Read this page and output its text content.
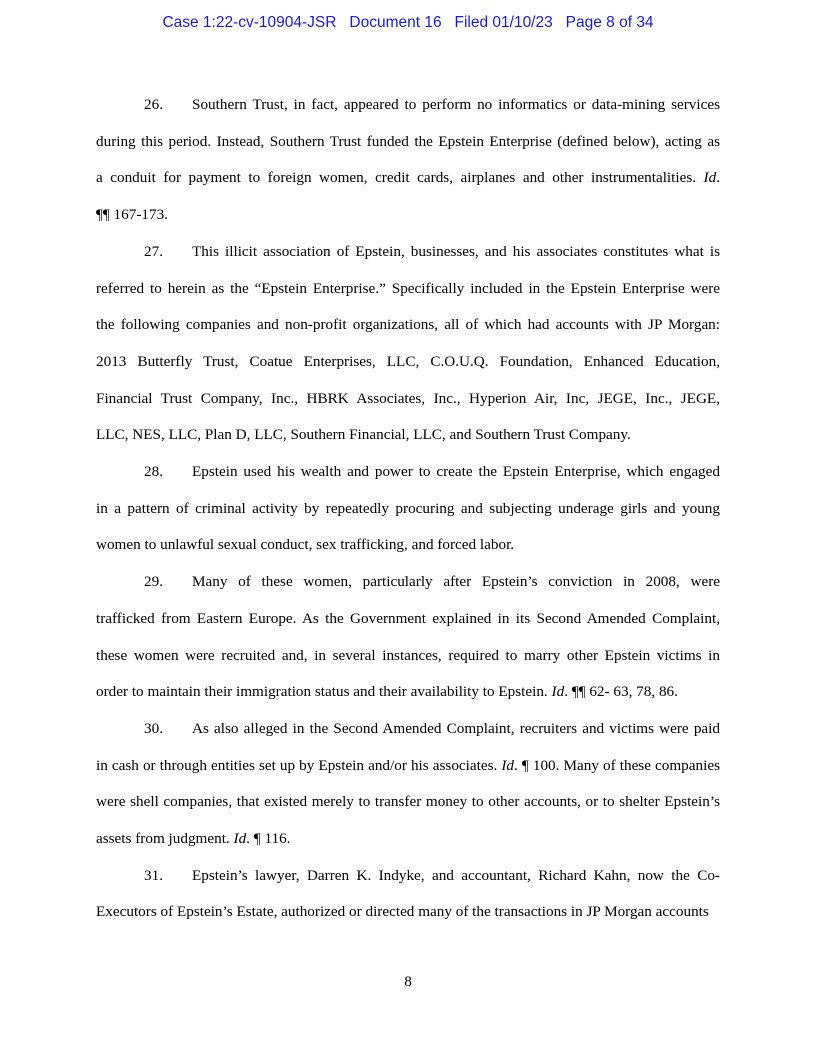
Case 1:22-cv-10904-JSR   Document 16   Filed 01/10/23   Page 8 of 34

26. Southern Trust, in fact, appeared to perform no informatics or data-mining services
during this period. Instead, Southern Trust funded the Epstein Enterprise (defined below), acting as
a conduit for payment to foreign women, credit cards, airplanes and other instrumentalities. Id.
¶¶ 167-173.

27. This illicit association of Epstein, businesses, and his associates constitutes what is
referred to herein as the “Epstein Enterprise.” Specifically included in the Epstein Enterprise were
the following companies and non-profit organizations, all of which had accounts with JP Morgan:
2013 Butterfly Trust, Coatue Enterprises, LLC, C.O.U.Q. Foundation, Enhanced Education,
Financial Trust Company, Inc., HBRK Associates, Inc., Hyperion Air, Inc, JEGE, Inc., JEGE,
LLC, NES, LLC, Plan D, LLC, Southern Financial, LLC, and Southern Trust Company.

28. Epstein used his wealth and power to create the Epstein Enterprise, which engaged
in a pattern of criminal activity by repeatedly procuring and subjecting underage girls and young
women to unlawful sexual conduct, sex trafficking, and forced labor.

29. Many of these women, particularly after Epstein’s conviction in 2008, were
trafficked from Eastern Europe. As the Government explained in its Second Amended Complaint,
these women were recruited and, in several instances, required to marry other Epstein victims in
order to maintain their immigration status and their availability to Epstein. Id. ¶¶ 62- 63, 78, 86.

30. As also alleged in the Second Amended Complaint, recruiters and victims were paid
in cash or through entities set up by Epstein and/or his associates. Id. ¶ 100. Many of these companies
were shell companies, that existed merely to transfer money to other accounts, or to shelter Epstein’s
assets from judgment. Id. ¶ 116.

31. Epstein’s lawyer, Darren K. Indyke, and accountant, Richard Kahn, now the Co-
Executors of Epstein’s Estate, authorized or directed many of the transactions in JP Morgan accounts

8
